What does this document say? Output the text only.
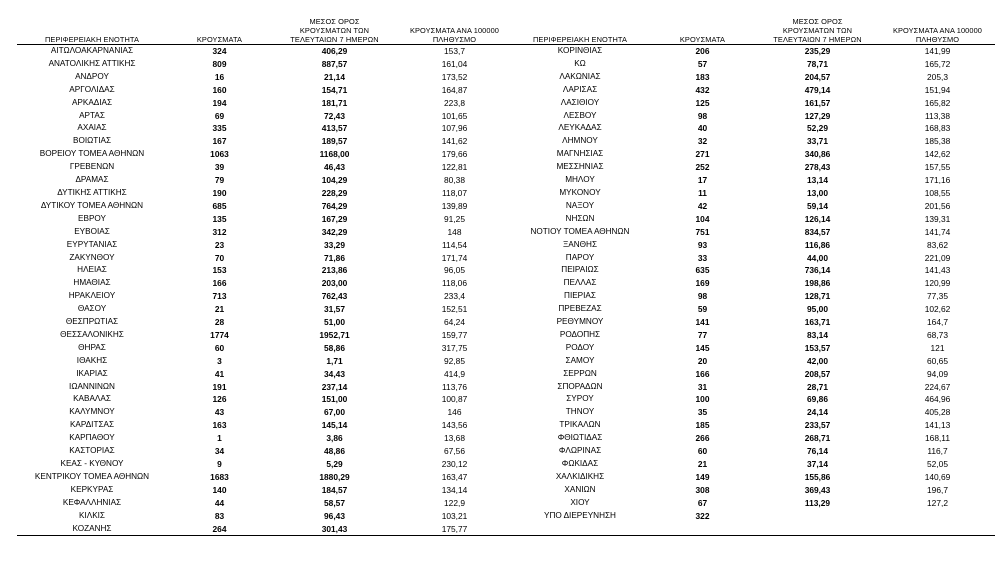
ΠΕΡΙΦΕΡΕΙΑΚΗ ΕΝΟΤΗΤΑ	ΚΡΟΥΣΜΑΤΑ	ΜΕΣΟΣ ΟΡΟΣ
ΚΡΟΥΣΜΑΤΩΝ ΤΩΝ
ΤΕΛΕΥΤΑΙΩΝ 7 ΗΜΕΡΩΝ	ΚΡΟΥΣΜΑΤΑ ΑΝΑ 100000
ΠΛΗΘΥΣΜΟ
ΑΙΤΩΛΟΑΚΑΡΝΑΝΙΑΣ	324	406,29	153,7
ΑΝΑΤΟΛΙΚΗΣ ΑΤΤΙΚΗΣ	809	887,57	161,04
ΑΝΔΡΟΥ	16	21,14	173,52
ΑΡΓΟΛΙΔΑΣ	160	154,71	164,87
ΑΡΚΑΔΙΑΣ	194	181,71	223,8
ΑΡΤΑΣ	69	72,43	101,65
ΑΧΑΙΑΣ	335	413,57	107,96
ΒΟΙΩΤΙΑΣ	167	189,57	141,62
ΒΟΡΕΙΟΥ ΤΟΜΕΑ ΑΘΗΝΩΝ	1063	1168,00	179,66
ΓΡΕΒΕΝΩΝ	39	46,43	122,81
ΔΡΑΜΑΣ	79	104,29	80,38
ΔΥΤΙΚΗΣ ΑΤΤΙΚΗΣ	190	228,29	118,07
ΔΥΤΙΚΟΥ ΤΟΜΕΑ ΑΘΗΝΩΝ	685	764,29	139,89
ΕΒΡΟΥ	135	167,29	91,25
ΕΥΒΟΙΑΣ	312	342,29	148
ΕΥΡΥΤΑΝΙΑΣ	23	33,29	114,54
ΖΑΚΥΝΘΟΥ	70	71,86	171,74
ΗΛΕΙΑΣ	153	213,86	96,05
ΗΜΑΘΙΑΣ	166	203,00	118,06
ΗΡΑΚΛΕΙΟΥ	713	762,43	233,4
ΘΑΣΟΥ	21	31,57	152,51
ΘΕΣΠΡΩΤΙΑΣ	28	51,00	64,24
ΘΕΣΣΑΛΟΝΙΚΗΣ	1774	1952,71	159,77
ΘΗΡΑΣ	60	58,86	317,75
ΙΘΑΚΗΣ	3	1,71	92,85
ΙΚΑΡΙΑΣ	41	34,43	414,9
ΙΩΑΝΝΙΝΩΝ	191	237,14	113,76
ΚΑΒΑΛΑΣ	126	151,00	100,87
ΚΑΛΥΜΝΟΥ	43	67,00	146
ΚΑΡΔΙΤΣΑΣ	163	145,14	143,56
ΚΑΡΠΑΘΟΥ	1	3,86	13,68
ΚΑΣΤΟΡΙΑΣ	34	48,86	67,56
ΚΕΑΣ - ΚΥΘΝΟΥ	9	5,29	230,12
ΚΕΝΤΡΙΚΟΥ ΤΟΜΕΑ ΑΘΗΝΩΝ	1683	1880,29	163,47
ΚΕΡΚΥΡΑΣ	140	184,57	134,14
ΚΕΦΑΛΛΗΝΙΑΣ	44	58,57	122,9
ΚΙΛΚΙΣ	83	96,43	103,21
ΚΟΖΑΝΗΣ	264	301,43	175,77
ΠΕΡΙΦΕΡΕΙΑΚΗ ΕΝΟΤΗΤΑ	ΚΡΟΥΣΜΑΤΑ	ΜΕΣΟΣ ΟΡΟΣ
ΚΡΟΥΣΜΑΤΩΝ ΤΩΝ
ΤΕΛΕΥΤΑΙΩΝ 7 ΗΜΕΡΩΝ	ΚΡΟΥΣΜΑΤΑ ΑΝΑ 100000
ΠΛΗΘΥΣΜΟ
ΚΟΡΙΝΘΙΑΣ	206	235,29	141,99
ΚΩ	57	78,71	165,72
ΛΑΚΩΝΙΑΣ	183	204,57	205,3
ΛΑΡΙΣΑΣ	432	479,14	151,94
ΛΑΣΙΘΙΟΥ	125	161,57	165,82
ΛΕΣΒΟΥ	98	127,29	113,38
ΛΕΥΚΑΔΑΣ	40	52,29	168,83
ΛΗΜΝΟΥ	32	33,71	185,38
ΜΑΓΝΗΣΙΑΣ	271	340,86	142,62
ΜΕΣΣΗΝΙΑΣ	252	278,43	157,55
ΜΗΛΟΥ	17	13,14	171,16
ΜΥΚΟΝΟΥ	11	13,00	108,55
ΝΑΞΟΥ	42	59,14	201,56
ΝΗΣΩΝ	104	126,14	139,31
ΝΟΤΙΟΥ ΤΟΜΕΑ ΑΘΗΝΩΝ	751	834,57	141,74
ΞΑΝΘΗΣ	93	116,86	83,62
ΠΑΡΟΥ	33	44,00	221,09
ΠΕΙΡΑΙΩΣ	635	736,14	141,43
ΠΕΛΛΑΣ	169	198,86	120,99
ΠΙΕΡΙΑΣ	98	128,71	77,35
ΠΡΕΒΕΖΑΣ	59	95,00	102,62
ΡΕΘΥΜΝΟΥ	141	163,71	164,7
ΡΟΔΟΠΗΣ	77	83,14	68,73
ΡΟΔΟΥ	145	153,57	121
ΣΑΜΟΥ	20	42,00	60,65
ΣΕΡΡΩΝ	166	208,57	94,09
ΣΠΟΡΑΔΩΝ	31	28,71	224,67
ΣΥΡΟΥ	100	69,86	464,96
ΤΗΝΟΥ	35	24,14	405,28
ΤΡΙΚΑΛΩΝ	185	233,57	141,13
ΦΘΙΩΤΙΔΑΣ	266	268,71	168,11
ΦΛΩΡΙΝΑΣ	60	76,14	116,7
ΦΩΚΙΔΑΣ	21	37,14	52,05
ΧΑΛΚΙΔΙΚΗΣ	149	155,86	140,69
ΧΑΝΙΩΝ	308	369,43	196,7
ΧΙΟΥ	67	113,29	127,2
ΥΠΟ ΔΙΕΡΕΥΝΗΣΗ	322		
